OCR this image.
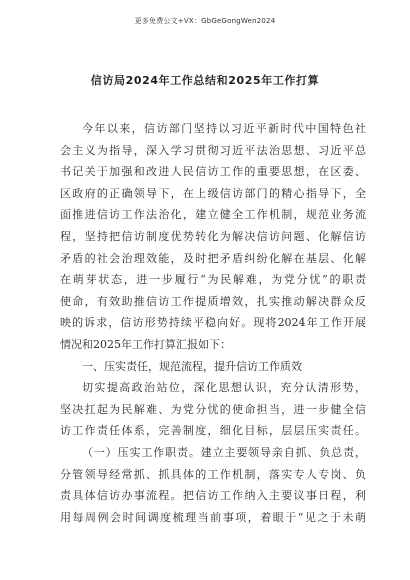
更多免费公文+VX：GbGeGongWen2024
信访局2024年工作总结和2025年工作打算
今年以来，信访部门坚持以习近平新时代中国特色社
会主义为指导，深入学习贯彻习近平法治思想、习近平总
书记关于加强和改进人民信访工作的重要思想，在区委、
区政府的正确领导下，在上级信访部门的精心指导下，全
面推进信访工作法治化，建立健全工作机制，规范业务流
程，坚持把信访制度优势转化为解决信访问题、化解信访
矛盾的社会治理效能，及时把矛盾纠纷化解在基层、化解
在萌芽状态，进一步履行“为民解难，为党分忧”的职责
使命，有效助推信访工作提质增效，扎实推动解决群众反
映的诉求，信访形势持续平稳向好。现将2024年工作开展
情况和2025年工作打算汇报如下：
一、压实责任，规范流程，提升信访工作质效
切实提高政治站位，深化思想认识，充分认清形势，
坚决扛起为民解难、为党分忧的使命担当，进一步健全信
访工作责任体系，完善制度，细化目标，层层压实责任。
（一）压实工作职责。建立主要领导亲自抓、负总责，
分管领导经常抓、抓具体的工作机制，落实专人专岗、负
责具体信访办事流程。把信访工作纳入主要议事日程，利
用每周例会时间调度梳理当前事项，着眼于“见之于未萌
